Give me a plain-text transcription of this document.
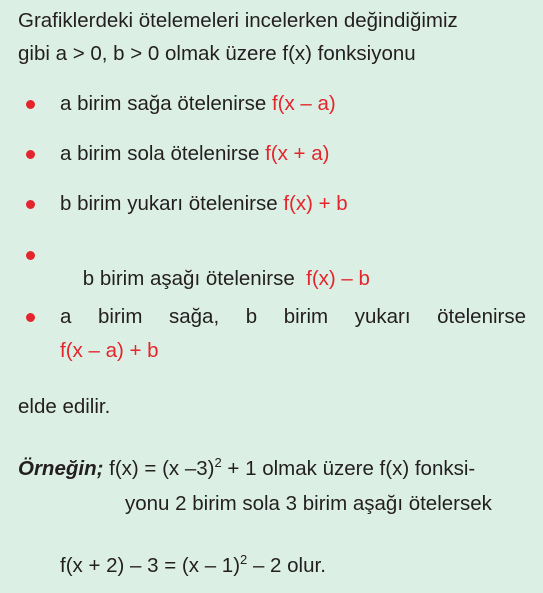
Grafiklerdeki ötelemeleri incelerken değindiğimiz
gibi a > 0, b > 0 olmak üzere f(x) fonksiyonu
a birim sağa ötelenirse f(x – a)
a birim sola ötelenirse f(x + a)
b birim yukarı ötelenirse f(x) + b

b birim aşağı ötelenirse  f(x) – b

a birim sağa, b birim yukarı ötelenirse
f(x – a) + b
elde edilir.
Örneğin; f(x) = (x –3)$^2$ + 1 olmak üzere f(x) fonksi-
yonu 2 birim sola 3 birim aşağı ötelersek
f(x + 2) – 3 = (x – 1)$^2$ – 2 olur.
